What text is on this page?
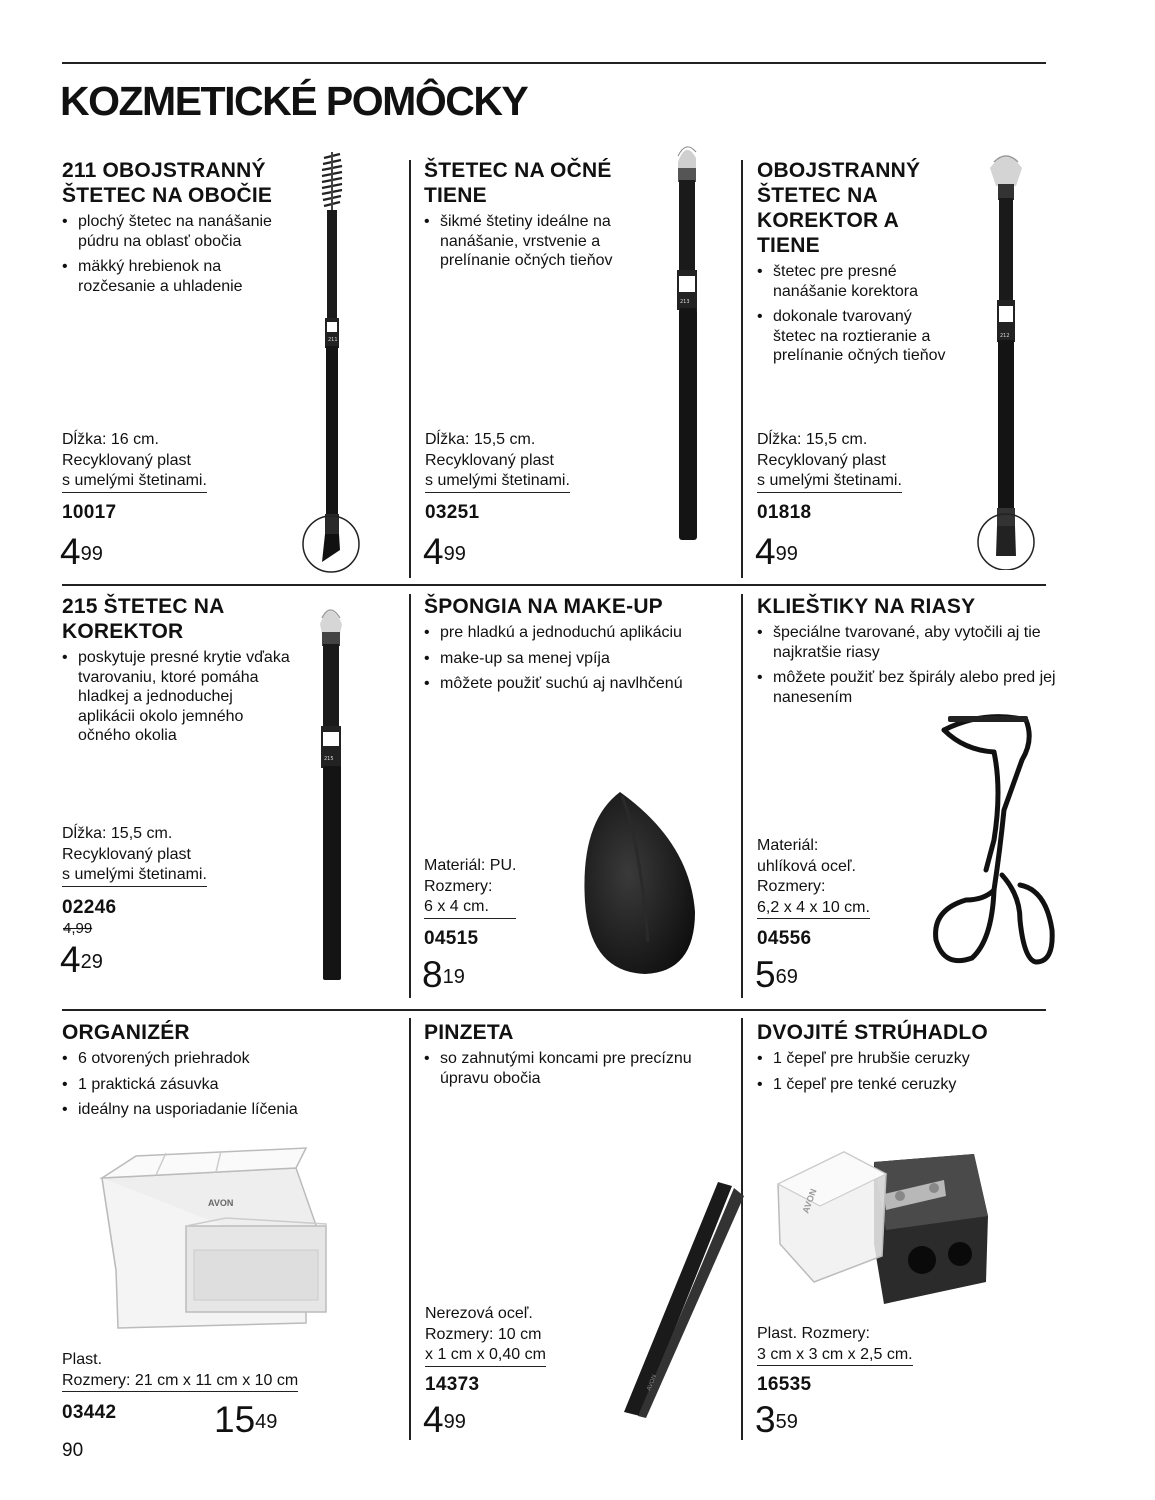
KOZMETICKÉ POMÔCKY
211 OBOJSTRANNÝ ŠTETEC NA OBOČIE
• plochý štetec na nanášanie púdru na oblasť obočia
• mäkký hrebienok na rozčesanie a uhladenie
Dĺžka: 16 cm.
Recyklovaný plast
s umelými štetinami.
10017
$4^{99}$
211
ŠTETEC NA OČNÉ TIENE
• šikmé štetiny ideálne na nanášanie, vrstvenie a prelínanie očných tieňov
Dĺžka: 15,5 cm.
Recyklovaný plast
s umelými štetinami.
03251
$4^{99}$
213
OBOJSTRANNÝ ŠTETEC NA KOREKTOR A TIENE
• štetec pre presné nanášanie korektora
• dokonale tvarovaný štetec na roztieranie a prelínanie očných tieňov
Dĺžka: 15,5 cm.
Recyklovaný plast
s umelými štetinami.
01818
$4^{99}$
212
215 ŠTETEC NA KOREKTOR
• poskytuje presné krytie vďaka tvarovaniu, ktoré pomáha hladkej a jednoduchej aplikácii okolo jemného očného okolia
Dĺžka: 15,5 cm.
Recyklovaný plast
s umelými štetinami.
02246
4,99
$4^{29}$
215
ŠPONGIA NA MAKE-UP
• pre hladkú a jednoduchú aplikáciu
• make-up sa menej vpíja
• môžete použiť suchú aj navlhčenú
Materiál: PU.
Rozmery:
6 x 4 cm.
04515
$8^{19}$
KLIEŠTIKY NA RIASY
• špeciálne tvarované, aby vytočili aj tie najkratšie riasy
• môžete použiť bez špirály alebo pred jej nanesením
Materiál:
uhlíková oceľ.
Rozmery:
6,2 x 4 x 10 cm.
04556
$5^{69}$
ORGANIZÉR
• 6 otvorených priehradok
• 1 praktická zásuvka
• ideálny na usporiadanie líčenia
Plast.
Rozmery: 21 cm x 11 cm x 10 cm
03442	$15^{49}$
AVON
PINZETA
• so zahnutými koncami pre precíznu úpravu obočia
Nerezová oceľ.
Rozmery: 10 cm
x 1 cm x 0,40 cm
14373
$4^{99}$
AVON
DVOJITÉ STRÚHADLO
• 1 čepeľ pre hrubšie ceruzky
• 1 čepeľ pre tenké ceruzky
Plast. Rozmery:
3 cm x 3 cm x 2,5 cm.
16535
$3^{59}$
AVON
90
